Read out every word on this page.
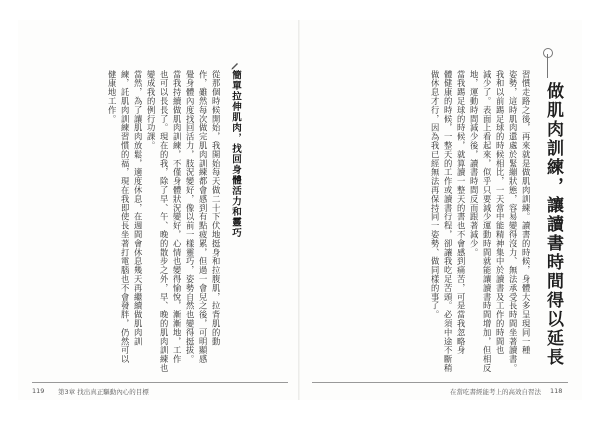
簡單拉伸肌肉，找回身體活力和靈巧
從那個時候開始，我開始每天做二十下伏地挺身和拉腹肌，拉背肌的動
作，雖然每次做完肌肉訓練都會感到有點疲累，但過一會兒之後，可明顯感
覺身體內度找回活力，肢況變好，像以前一樣靈巧，姿勢自然也變得挺拔。
當我持續做肌肉訓練，不僅身體狀況變好，心情也變得愉悅，漸漸地，工作
也可以長長了。現在的我，除了早、午、晚的散步之外，早、晚的肌肉訓練也
變成我的例行功課。
當然，為了讓肌肉放鬆，適度休息，在週間會休息幾天再繼續做肌肉訓
練，託肌肉訓練習慣的福，現在我即使長坐著打電腦也不會發胖，仍然可以
健康地工作。
119 第3章 找出真正驅動內心的目標
做肌肉訓練，讓讀書時間得以延長
習慣走路之後，再來就是做肌肉訓練。讀書的時候，身體大多呈現同一種
姿勢，這時肌肉還處於緊繃狀態，容易變得沒力、無法承受長時間坐著讀書。
我和以前踢足球的時候相比，一天當中能精神集中於讀書及工作的時間也
減少了。表面上看起來，似乎只要減少運動時間就能讓讀書時間增加，但相反
地，運動時間減少後，讀書時間反而跟著減少。
當我踢足球的時候，就算讀一整天的書也不會感到痛苦，可是當我忽略身
體健康的時候，一整天的工作或讀書行程，卻讓我吃足苦頭。必須中途不斷稍
做休息才行，因為我已經無法再保持同一姿勢、做同樣的事了。
在當吃書經能考上的高效自習法 118
